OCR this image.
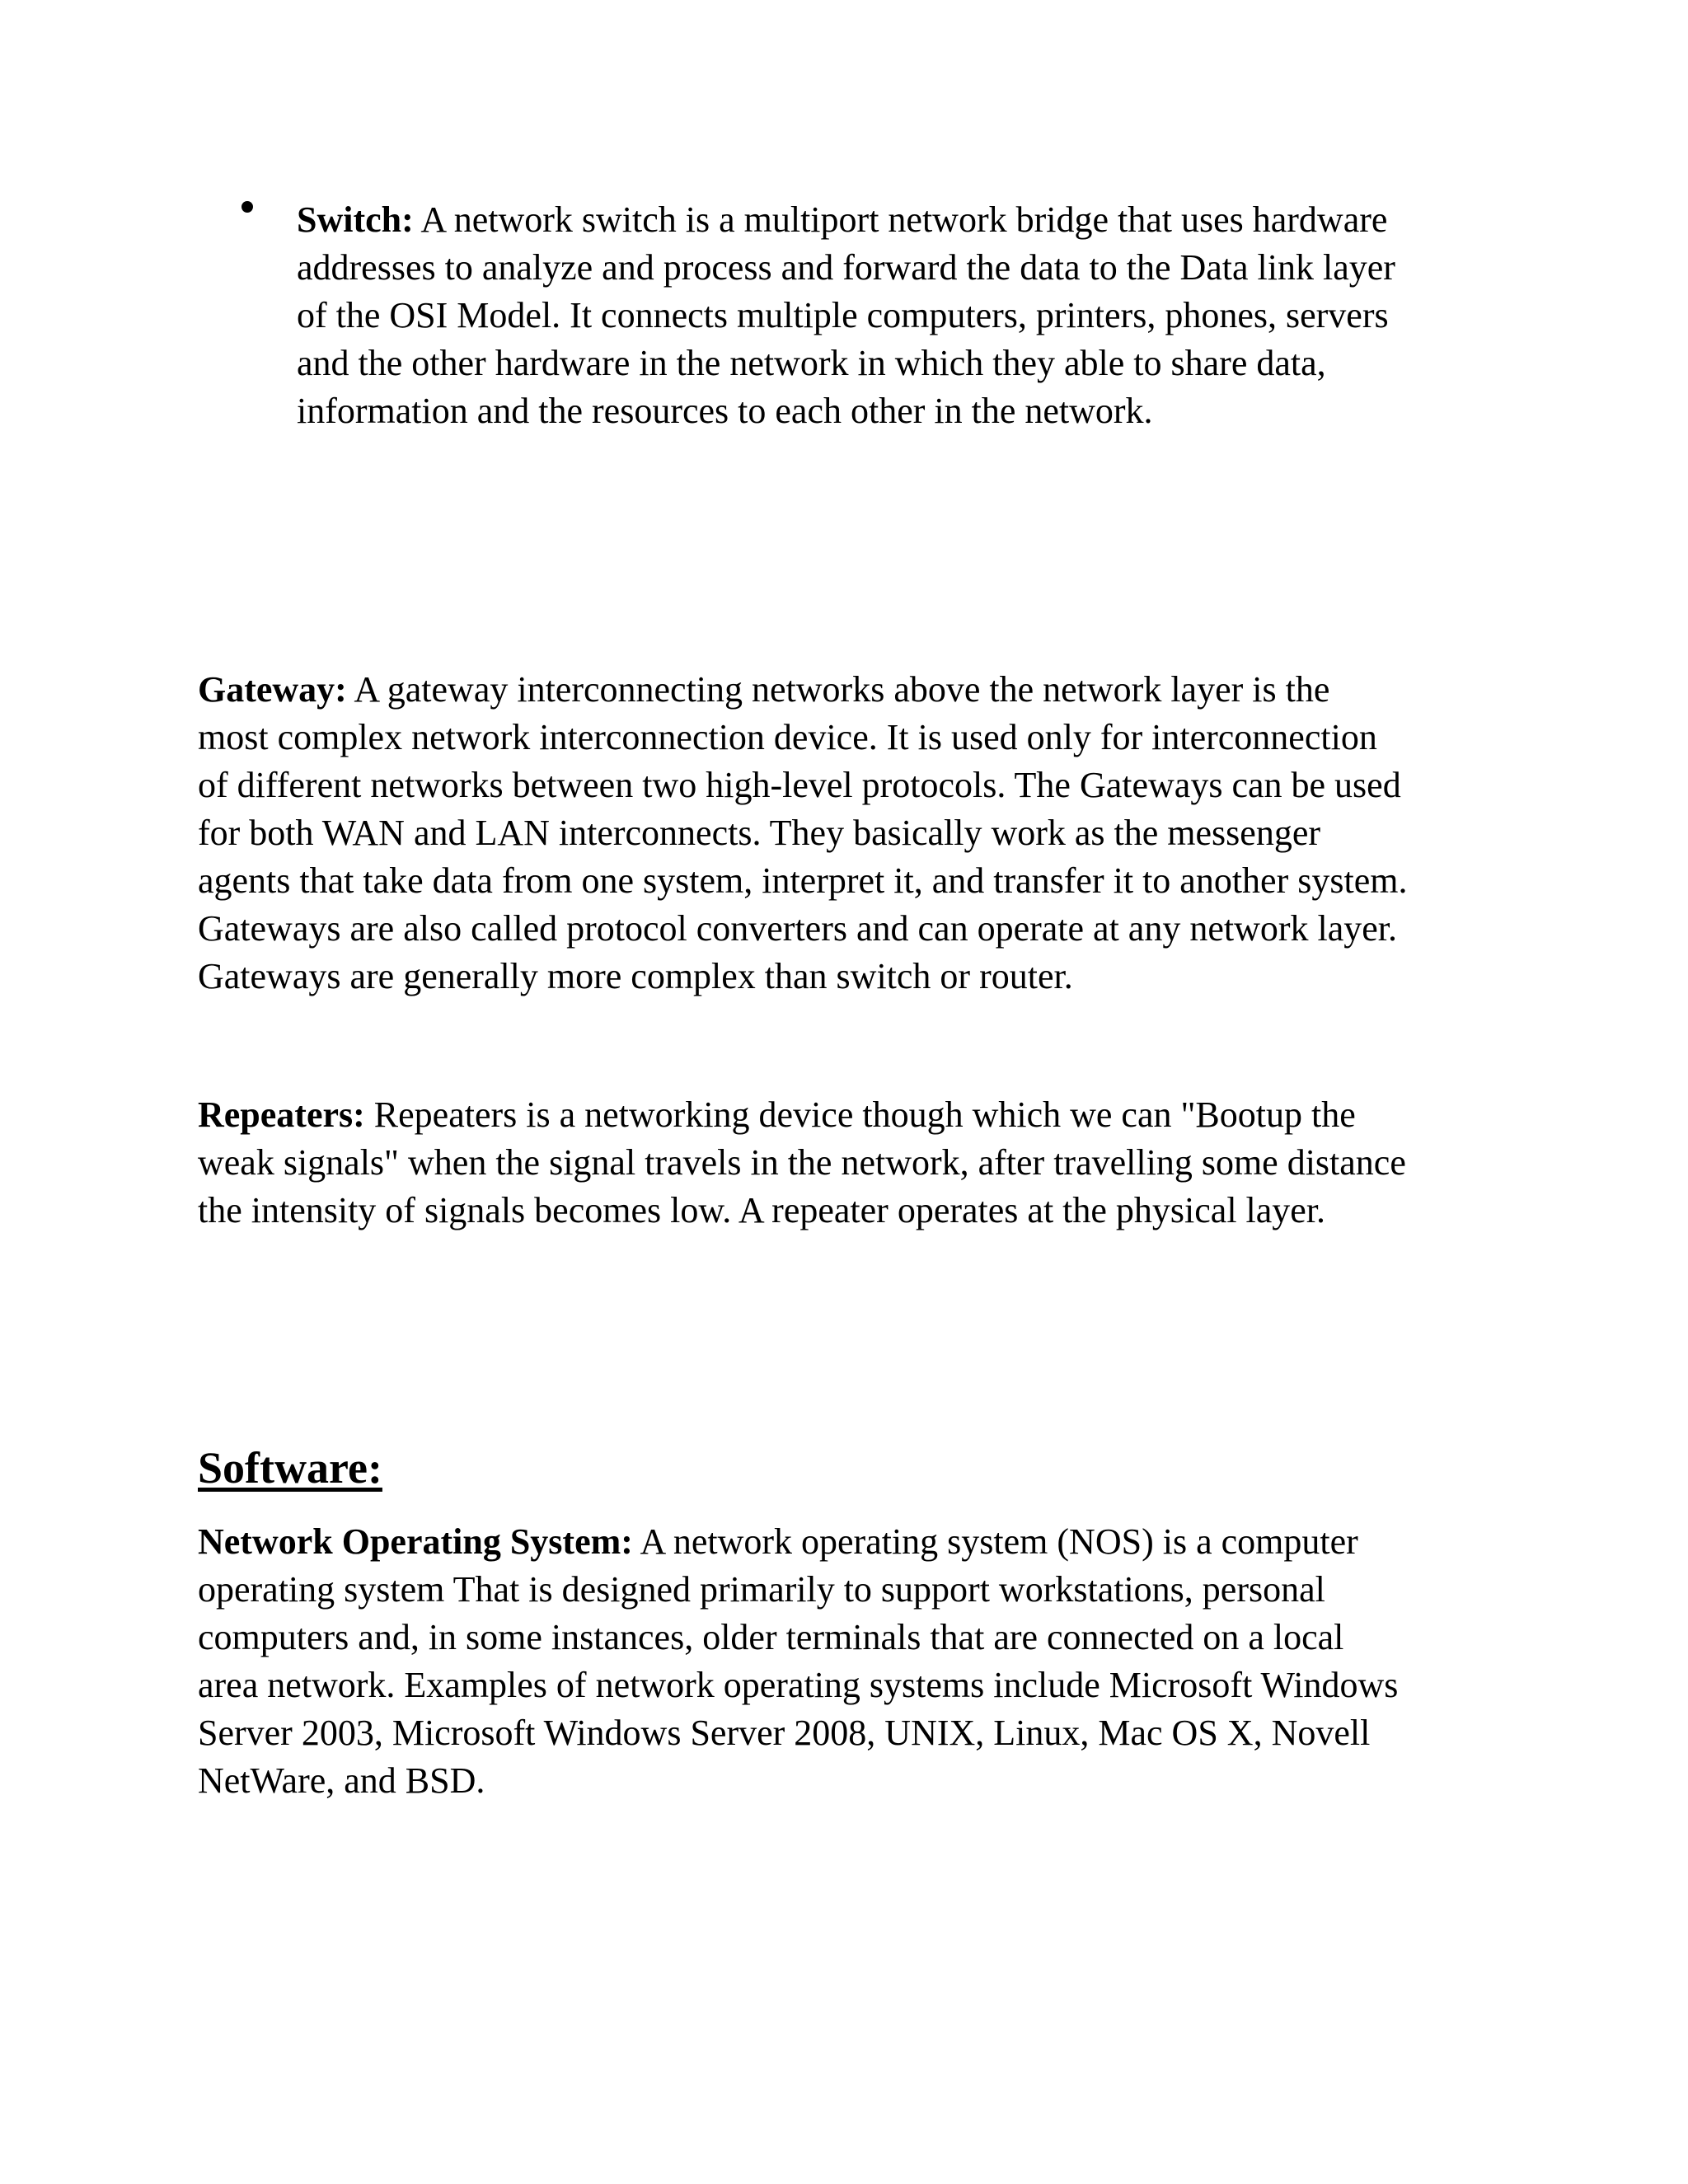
Switch: A network switch is a multiport network bridge that uses hardware
addresses to analyze and process and forward the data to the Data link layer
of the OSI Model. It connects multiple computers, printers, phones, servers
and the other hardware in the network in which they able to share data,
information and the resources to each other in the network.

Gateway: A gateway interconnecting networks above the network layer is the
most complex network interconnection device. It is used only for interconnection
of different networks between two high-level protocols. The Gateways can be used
for both WAN and LAN interconnects. They basically work as the messenger
agents that take data from one system, interpret it, and transfer it to another system.
Gateways are also called protocol converters and can operate at any network layer.
Gateways are generally more complex than switch or router.

Repeaters: Repeaters is a networking device though which we can "Bootup the
weak signals" when the signal travels in the network, after travelling some distance
the intensity of signals becomes low. A repeater operates at the physical layer.

Software:

Network Operating System: A network operating system (NOS) is a computer
operating system That is designed primarily to support workstations, personal
computers and, in some instances, older terminals that are connected on a local
area network. Examples of network operating systems include Microsoft Windows
Server 2003, Microsoft Windows Server 2008, UNIX, Linux, Mac OS X, Novell
NetWare, and BSD.
